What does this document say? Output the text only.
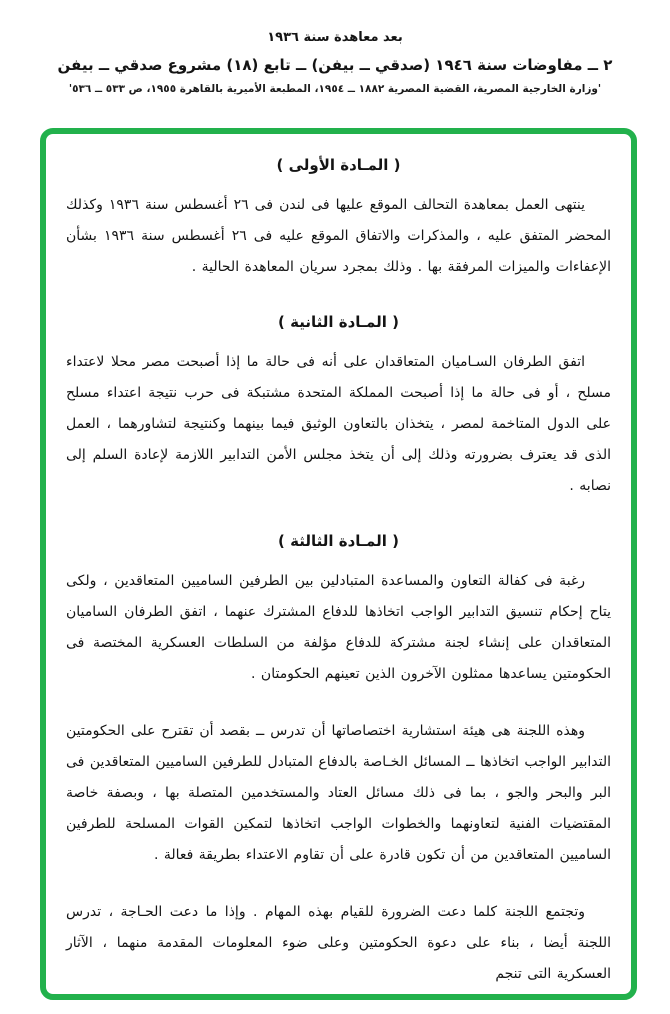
بعد معاهدة سنة ١٩٣٦
٢ ــ مفاوضات سنة ١٩٤٦ (صدقي ــ بيفن) ــ تابع (١٨) مشروع صدقي ــ بيفن
'وزارة الخارجية المصرية، القضية المصرية ١٨٨٢ ــ ١٩٥٤، المطبعة الأميرية بالقاهرة ١٩٥٥، ص ٥٣٣ ــ ٥٣٦'
( المـادة الأولى )

ينتهى العمل بمعاهدة التحالف الموقع عليها فى لندن فى ٢٦ أغسطس سنة ١٩٣٦ وكذلك المحضر المتفق عليه ، والمذكرات والاتفاق الموقع عليه فى ٢٦ أغسطس سنة ١٩٣٦ بشأن الإعفاءات والميزات المرفقة بها . وذلك بمجرد سريان المعاهدة الحالية .

( المـادة الثانية )

اتفق الطرفان السـاميان المتعاقدان على أنه فى حالة ما إذا أصبحت مصر محلا لاعتداء مسلح ، أو فى حالة ما إذا أصبحت المملكة المتحدة مشتبكة فى حرب نتيجة اعتداء مسلح على الدول المتاخمة لمصر ، يتخذان بالتعاون الوثيق فيما بينهما وكنتيجة لتشاورهما ، العمل الذى قد يعترف بضرورته وذلك إلى أن يتخذ مجلس الأمن التدابير اللازمة لإعادة السلم إلى نصابه .

( المـادة الثالثة )

رغبة فى كفالة التعاون والمساعدة المتبادلين بين الطرفين الساميين المتعاقدين ، ولكى يتاح إحكام تنسيق التدابير الواجب اتخاذها للدفاع المشترك عنهما ، اتفق الطرفان الساميان المتعاقدان على إنشاء لجنة مشتركة للدفاع مؤلفة من السلطات العسكرية المختصة فى الحكومتين يساعدها ممثلون الآخرون الذين تعينهم الحكومتان .

وهذه اللجنة هى هيئة استشارية اختصاصاتها أن تدرس ــ بقصد أن تقترح على الحكومتين التدابير الواجب اتخاذها ــ المسائل الخـاصة بالدفاع المتبادل للطرفين الساميين المتعاقدين فى البر والبحر والجو ، بما فى ذلك مسائل العتاد والمستخدمين المتصلة بها ، وبصفة خاصة المقتضيات الفنية لتعاونهما والخطوات الواجب اتخاذها لتمكين القوات المسلحة للطرفين الساميين المتعاقدين من أن تكون قادرة على أن تقاوم الاعتداء بطريقة فعالة .

وتجتمع اللجنة كلما دعت الضرورة للقيام بهذه المهام . وإذا ما دعت الحـاجة ، تدرس اللجنة أيضا ، بناء على دعوة الحكومتين وعلى ضوء المعلومات المقدمة منهما ، الآثار العسكرية التى تنجم
